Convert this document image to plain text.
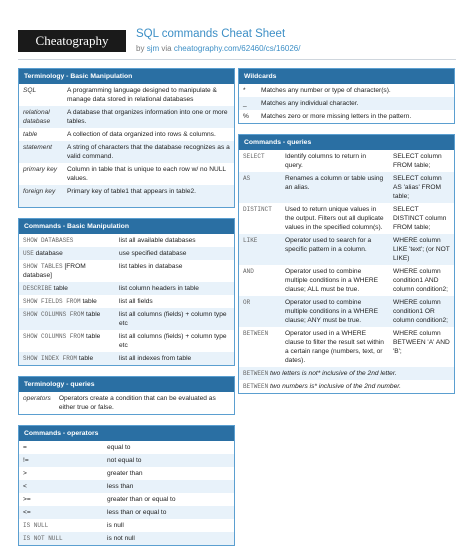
Cheatography	SQL commands Cheat Sheet
by sjm via cheatography.com/62460/cs/16026/
Terminology - Basic Manipulation
SQL	A programming language designed to manipulate & manage data stored in relational databases
relational database	A database that organizes information into one or more tables.
table	A collection of data organized into rows & columns.
statement	A string of characters that the database recognizes as a valid command.
primary key	Column in table that is unique to each row w/ no NULL values.
foreign key	Primary key of table1 that appears in table2.
Commands - Basic Manipulation
SHOW DATABASES	list all available databases
USE database	use specified database
SHOW TABLES [FROM database]	list tables in database
DESCRIBE table	list column headers in table
SHOW FIELDS FROM table	list all fields
SHOW COLUMNS FROM table	list all columns (fields) + column type etc
SHOW COLUMNS FROM table	list all columns (fields) + column type etc
SHOW INDEX FROM table	list all indexes from table
Terminology - queries
operators	Operators create a condition that can be evaluated as either true or false.
Commands - operators
=	equal to
!=	not equal to
>	greater than
<	less than
>=	greater than or equal to
<=	less than or equal to
IS NULL	is null
IS NOT NULL	is not null
Wildcards
*	Matches any number or type of character(s).
_	Matches any individual character.
%	Matches zero or more missing letters in the pattern.
Commands - queries
SELECT	Identify columns to return in query.	SELECT column FROM table;
AS	Renames a column or table using an alias.	SELECT column AS 'alias' FROM table;
DISTINCT	Used to return unique values in the output. Filters out all duplicate values in the specified column(s).	SELECT DISTINCT column FROM table;
LIKE	Operator used to search for a specific pattern in a column.	WHERE column LIKE 'text'; (or NOT LIKE)
AND	Operator used to combine multiple conditions in a WHERE clause; ALL must be true.	WHERE column condition1 AND column condition2;
OR	Operator used to combine multiple conditions in a WHERE clause; ANY must be true.	WHERE column condition1 OR column condition2;
BETWEEN	Operator used in a WHERE clause to filter the result set within a certain range (numbers, text, or dates).	WHERE column BETWEEN 'A' AND 'B';
BETWEEN two letters is not* inclusive of the 2nd letter.
BETWEEN two numbers is* inclusive of the 2nd number.
